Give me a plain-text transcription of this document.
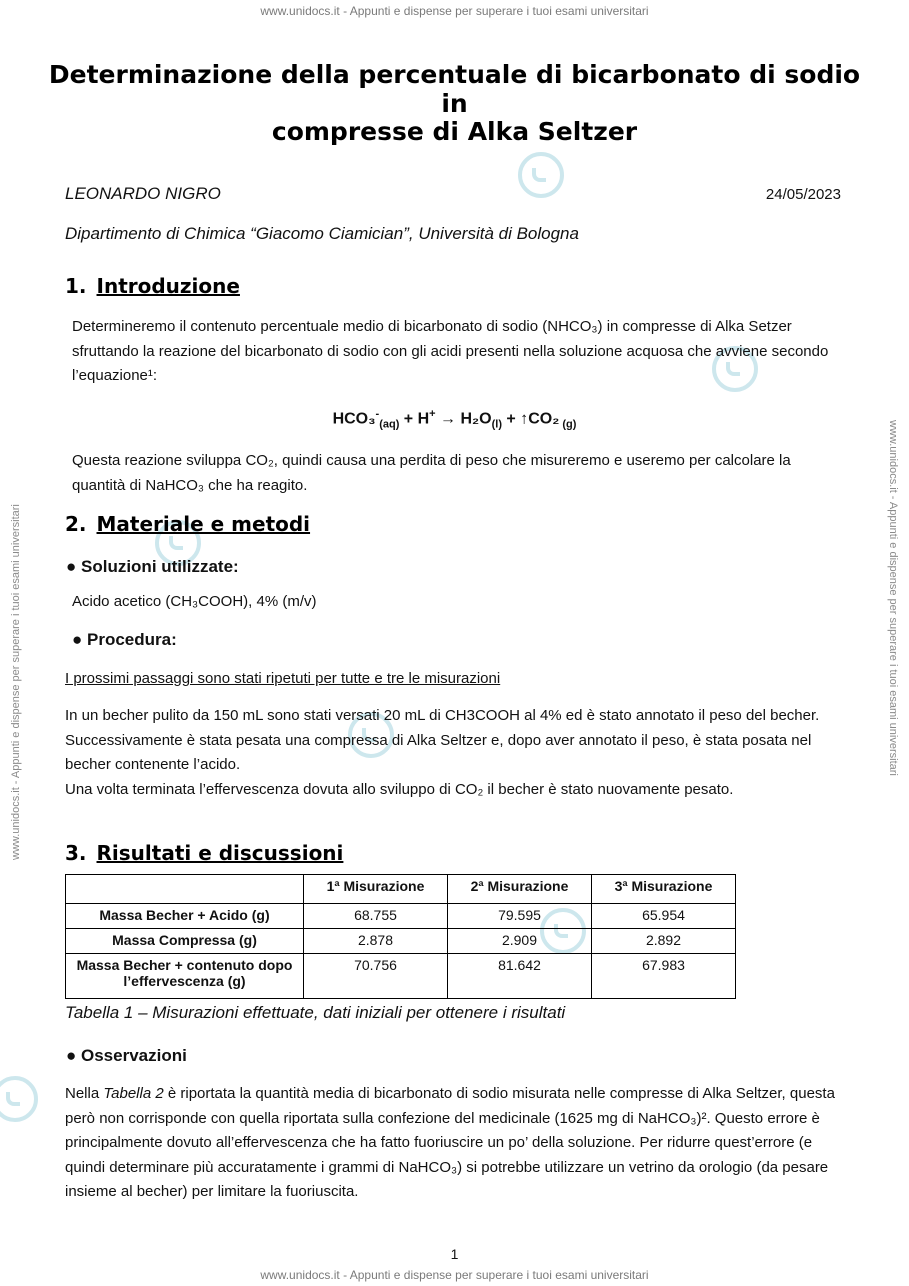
www.unidocs.it - Appunti e dispense per superare i tuoi esami universitari
www.unidocs.it - Appunti e dispense per superare i tuoi esami universitari
www.unidocs.it - Appunti e dispense per superare i tuoi esami universitari	www.unidocs.it - Appunti e dispense per superare i tuoi esami universitari
Determinazione della percentuale di bicarbonato di sodio in
compresse di Alka Seltzer
LEONARDO NIGRO	24/05/2023
Dipartimento di Chimica “Giacomo Ciamician”, Università di Bologna
1. Introduzione
Determineremo il contenuto percentuale medio di bicarbonato di sodio (NHCO₃) in compresse di Alka Setzer sfruttando la reazione del bicarbonato di sodio con gli acidi presenti nella soluzione acquosa che avviene secondo l’equazione¹:
$HCO_3^-_{(aq)} + H^+ \to H_2O_{(l)}$ + ↑CO₂ $_{(g)}$
Questa reazione sviluppa CO₂, quindi causa una perdita di peso che misureremo e useremo per calcolare la quantità di NaHCO₃ che ha reagito.
2. Materiale e metodi
● Soluzioni utilizzate:
Acido acetico (CH₃COOH), 4% (m/v)
● Procedura:
I prossimi passaggi sono stati ripetuti per tutte e tre le misurazioni
In un becher pulito da 150 mL sono stati versati 20 mL di CH3COOH al 4% ed è stato annotato il peso del becher.
Successivamente è stata pesata una compressa di Alka Seltzer e, dopo aver annotato il peso, è stata posata nel becher contenente l’acido.
Una volta terminata l’effervescenza dovuta allo sviluppo di CO₂ il becher è stato nuovamente pesato.
3. Risultati e discussioni
	1ª Misurazione	2ª Misurazione	3ª Misurazione
Massa Becher + Acido (g)	68.755	79.595	65.954
Massa Compressa (g)	2.878	2.909	2.892
Massa Becher + contenuto dopo l’effervescenza (g)	70.756	81.642	67.983
Tabella 1 – Misurazioni effettuate, dati iniziali per ottenere i risultati
● Osservazioni
Nella Tabella 2 è riportata la quantità media di bicarbonato di sodio misurata nelle compresse di Alka Seltzer, questa però non corrisponde con quella riportata sulla confezione del medicinale (1625 mg di NaHCO₃)². Questo errore è principalmente dovuto all’effervescenza che ha fatto fuoriuscire un po’ della soluzione. Per ridurre quest’errore (e quindi determinare più accuratamente i grammi di NaHCO₃) si potrebbe utilizzare un vetrino da orologio (da pesare insieme al becher) per limitare la fuoriuscita.
1
